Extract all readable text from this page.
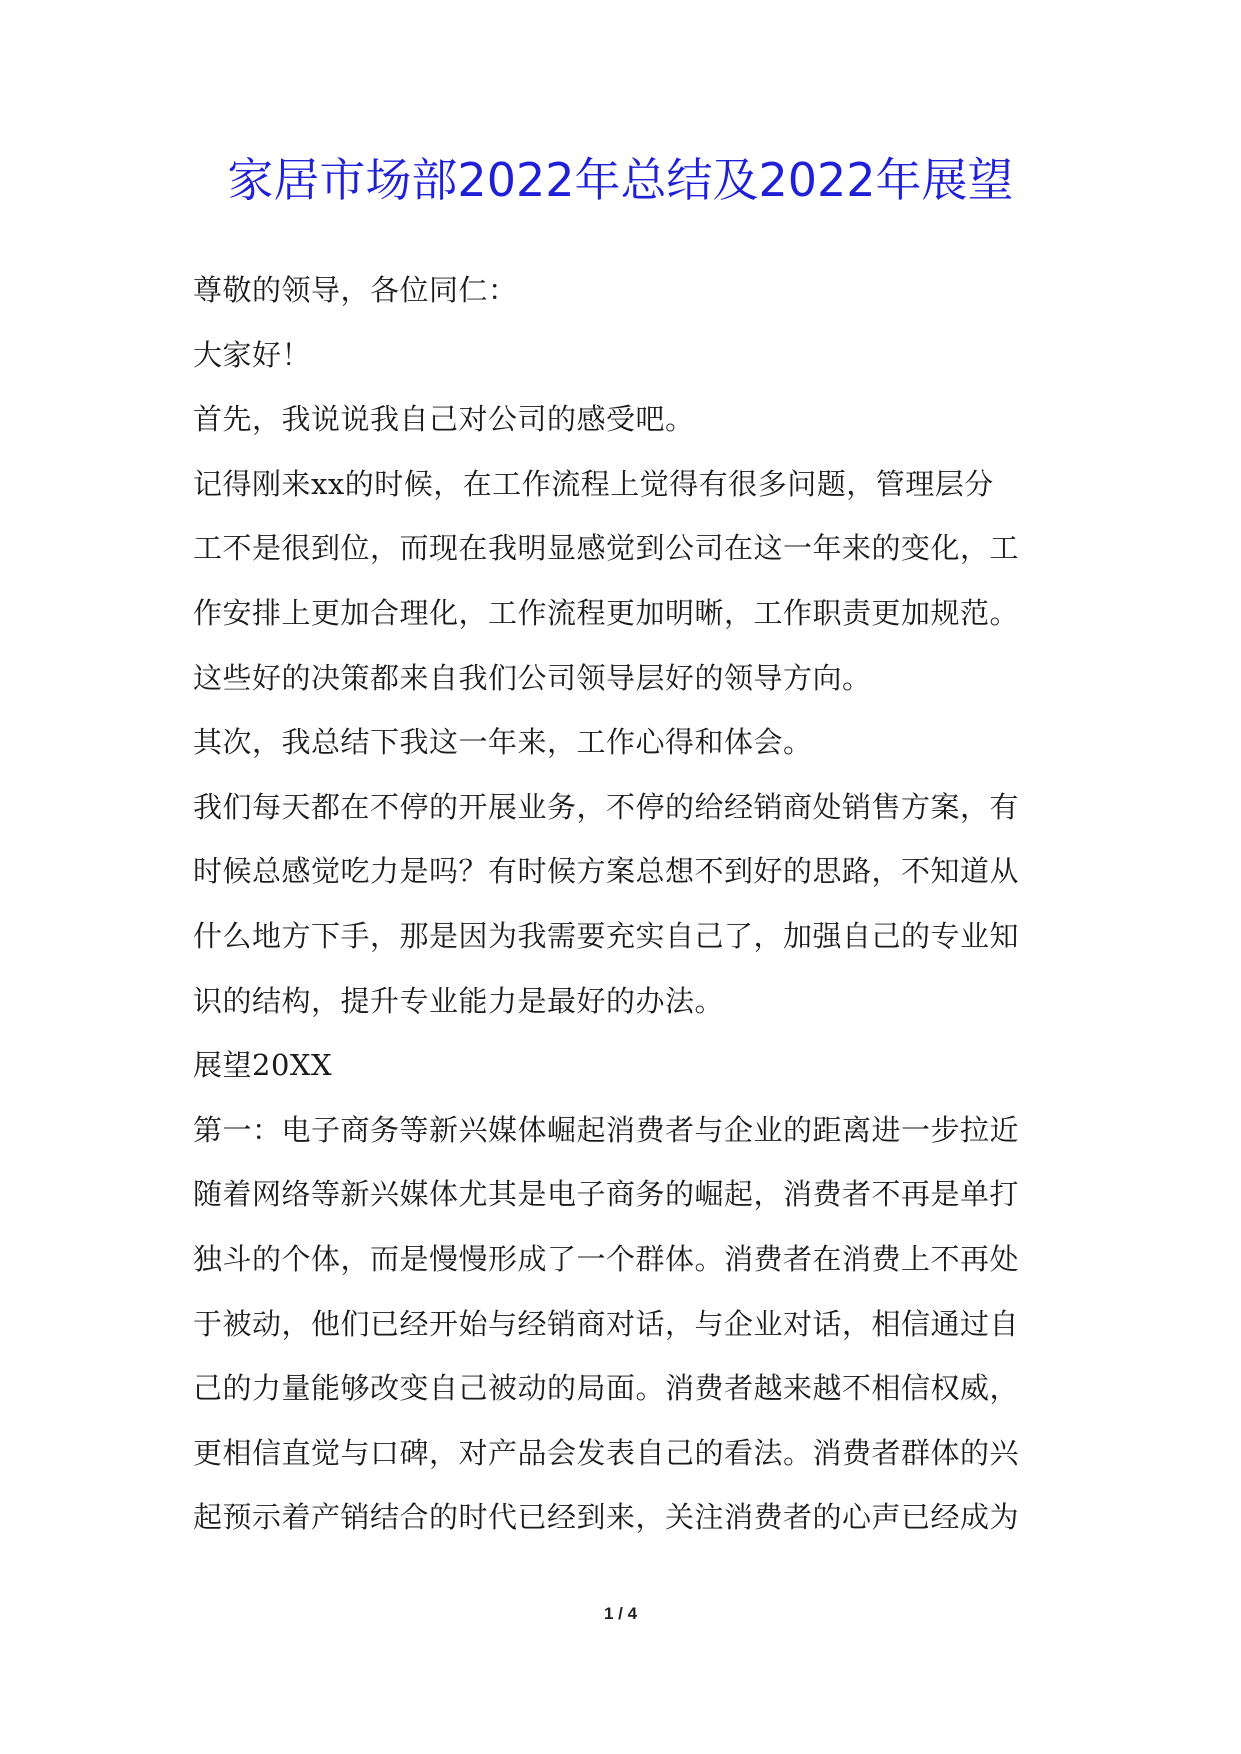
家居市场部2022年总结及2022年展望

尊敬的领导，各位同仁：

大家好！

首先，我说说我自己对公司的感受吧。

记得刚来xx的时候，在工作流程上觉得有很多问题，管理层分

工不是很到位，而现在我明显感觉到公司在这一年来的变化，工

作安排上更加合理化，工作流程更加明晰，工作职责更加规范。

这些好的决策都来自我们公司领导层好的领导方向。

其次，我总结下我这一年来，工作心得和体会。

我们每天都在不停的开展业务，不停的给经销商处销售方案，有

时候总感觉吃力是吗？有时候方案总想不到好的思路，不知道从

什么地方下手，那是因为我需要充实自己了，加强自己的专业知

识的结构，提升专业能力是最好的办法。

展望20XX

第一：电子商务等新兴媒体崛起消费者与企业的距离进一步拉近

随着网络等新兴媒体尤其是电子商务的崛起，消费者不再是单打

独斗的个体，而是慢慢形成了一个群体。消费者在消费上不再处

于被动，他们已经开始与经销商对话，与企业对话，相信通过自

己的力量能够改变自己被动的局面。消费者越来越不相信权威，

更相信直觉与口碑，对产品会发表自己的看法。消费者群体的兴

起预示着产销结合的时代已经到来，关注消费者的心声已经成为

1 / 4
